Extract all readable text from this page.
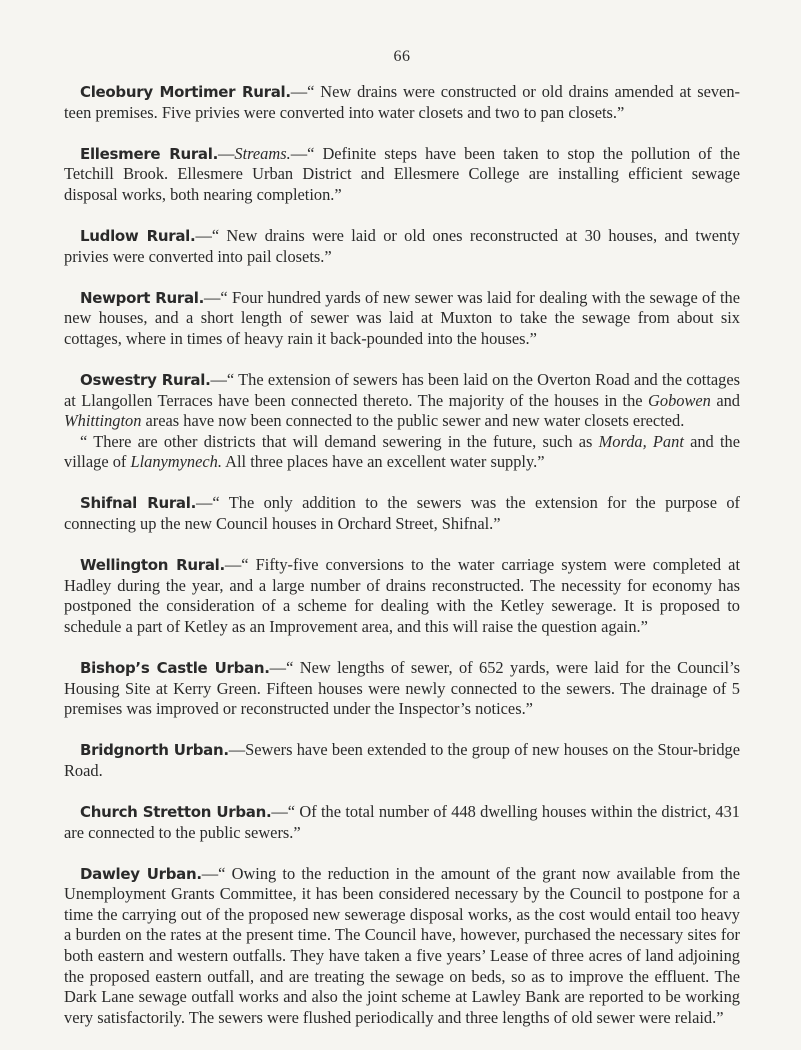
66

Cleobury Mortimer Rural.—“ New drains were constructed or old drains amended at seven-teen premises. Five privies were converted into water closets and two to pan closets.”

Ellesmere Rural.—Streams.—“ Definite steps have been taken to stop the pollution of the Tetchill Brook. Ellesmere Urban District and Ellesmere College are installing efficient sewage disposal works, both nearing completion.”

Ludlow Rural.—“ New drains were laid or old ones reconstructed at 30 houses, and twenty privies were converted into pail closets.”

Newport Rural.—“ Four hundred yards of new sewer was laid for dealing with the sewage of the new houses, and a short length of sewer was laid at Muxton to take the sewage from about six cottages, where in times of heavy rain it back-pounded into the houses.”

Oswestry Rural.—“ The extension of sewers has been laid on the Overton Road and the cottages at Llangollen Terraces have been connected thereto. The majority of the houses in the Gobowen and Whittington areas have now been connected to the public sewer and new water closets erected.
“ There are other districts that will demand sewering in the future, such as Morda, Pant and the village of Llanymynech. All three places have an excellent water supply.”

Shifnal Rural.—“ The only addition to the sewers was the extension for the purpose of connecting up the new Council houses in Orchard Street, Shifnal.”

Wellington Rural.—“ Fifty-five conversions to the water carriage system were completed at Hadley during the year, and a large number of drains reconstructed. The necessity for economy has postponed the consideration of a scheme for dealing with the Ketley sewerage. It is proposed to schedule a part of Ketley as an Improvement area, and this will raise the question again.”

Bishop’s Castle Urban.—“ New lengths of sewer, of 652 yards, were laid for the Council’s Housing Site at Kerry Green. Fifteen houses were newly connected to the sewers. The drainage of 5 premises was improved or reconstructed under the Inspector’s notices.”

Bridgnorth Urban.—Sewers have been extended to the group of new houses on the Stour-bridge Road.

Church Stretton Urban.—“ Of the total number of 448 dwelling houses within the district, 431 are connected to the public sewers.”

Dawley Urban.—“ Owing to the reduction in the amount of the grant now available from the Unemployment Grants Committee, it has been considered necessary by the Council to postpone for a time the carrying out of the proposed new sewerage disposal works, as the cost would entail too heavy a burden on the rates at the present time. The Council have, however, purchased the necessary sites for both eastern and western outfalls. They have taken a five years’ Lease of three acres of land adjoining the proposed eastern outfall, and are treating the sewage on beds, so as to improve the effluent. The Dark Lane sewage outfall works and also the joint scheme at Lawley Bank are reported to be working very satisfactorily. The sewers were flushed periodically and three lengths of old sewer were relaid.”
